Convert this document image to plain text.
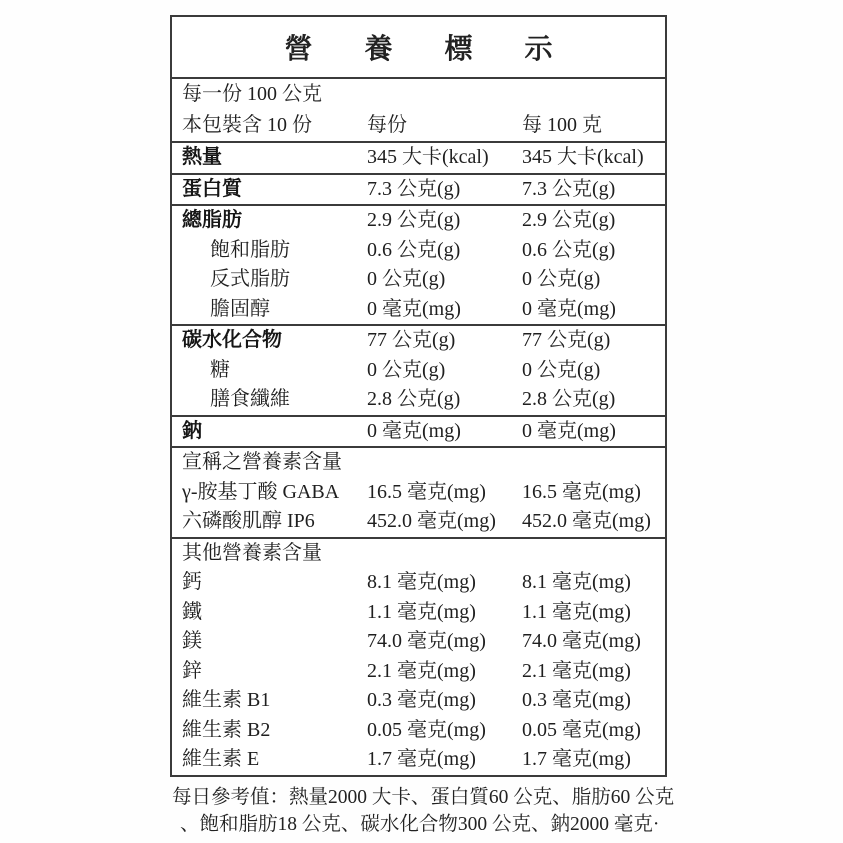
營養標示
每一份 100 公克
本包裝含 10 份	每份	每 100 克
熱量	345 大卡(kcal) 345 大卡(kcal)
蛋白質	7.3 公克(g)	7.3 公克(g)
總脂肪	2.9 公克(g)	2.9 公克(g)
飽和脂肪	0.6 公克(g)	0.6 公克(g)
反式脂肪	0 公克(g)	0 公克(g)
膽固醇	0 毫克(mg)	0 毫克(mg)
碳水化合物	77 公克(g)	77 公克(g)
糖	0 公克(g)	0 公克(g)
膳食纖維	2.8 公克(g)	2.8 公克(g)
鈉	0 毫克(mg)	0 毫克(mg)
宣稱之營養素含量
γ-胺基丁酸 GABA 16.5 毫克(mg) 16.5 毫克(mg)
六磷酸肌醇 IP6	452.0 毫克(mg) 452.0 毫克(mg)
其他營養素含量
鈣	8.1 毫克(mg) 8.1 毫克(mg)
鐵	1.1 毫克(mg) 1.1 毫克(mg)
鎂	74.0 毫克(mg) 74.0 毫克(mg)
鋅	2.1 毫克(mg) 2.1 毫克(mg)
維生素 B1	0.3 毫克(mg) 0.3 毫克(mg)
維生素 B2	0.05 毫克(mg) 0.05 毫克(mg)
維生素 E	1.7 毫克(mg) 1.7 毫克(mg)
每日參考值：熱量2000 大卡、蛋白質60 公克、脂肪60 公克
、飽和脂肪18 公克、碳水化合物300 公克、鈉2000 毫克·
